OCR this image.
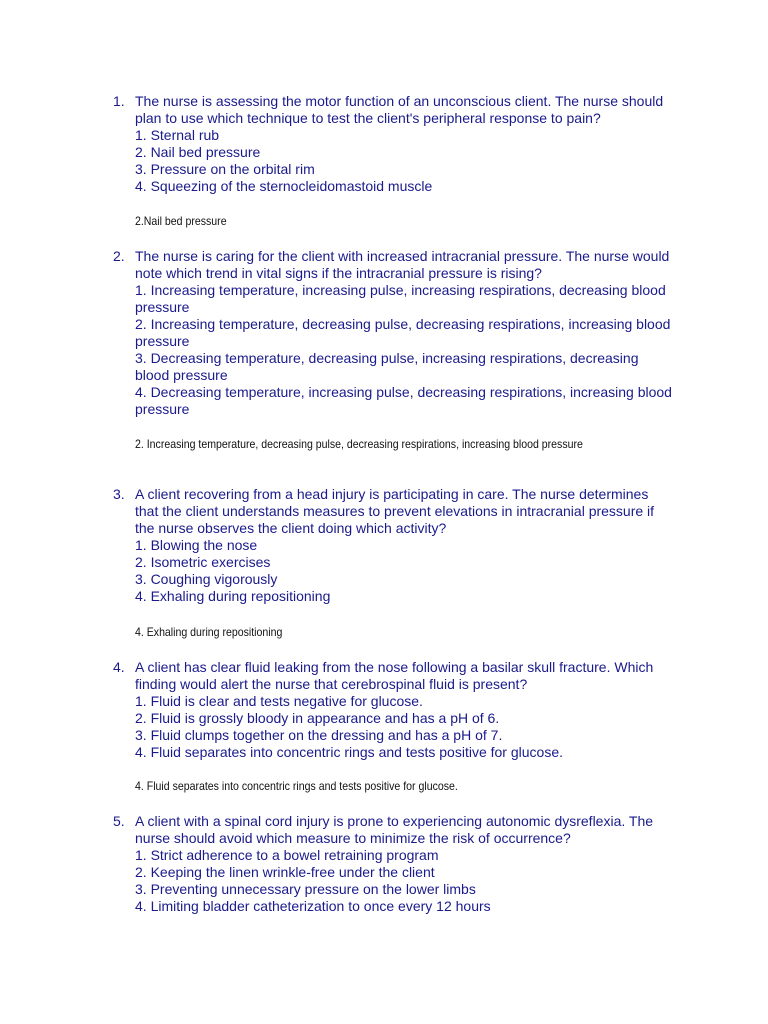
1. The nurse is assessing the motor function of an unconscious client. The nurse should plan to use which technique to test the client's peripheral response to pain?
1. Sternal rub
2. Nail bed pressure
3. Pressure on the orbital rim
4. Squeezing of the sternocleidomastoid muscle
2.Nail bed pressure
2. The nurse is caring for the client with increased intracranial pressure. The nurse would note which trend in vital signs if the intracranial pressure is rising?
1. Increasing temperature, increasing pulse, increasing respirations, decreasing blood pressure
2. Increasing temperature, decreasing pulse, decreasing respirations, increasing blood pressure
3. Decreasing temperature, decreasing pulse, increasing respirations, decreasing blood pressure
4. Decreasing temperature, increasing pulse, decreasing respirations, increasing blood pressure
2. Increasing temperature, decreasing pulse, decreasing respirations, increasing blood pressure
3. A client recovering from a head injury is participating in care. The nurse determines that the client understands measures to prevent elevations in intracranial pressure if the nurse observes the client doing which activity?
1. Blowing the nose
2. Isometric exercises
3. Coughing vigorously
4. Exhaling during repositioning
4. Exhaling during repositioning
4. A client has clear fluid leaking from the nose following a basilar skull fracture. Which finding would alert the nurse that cerebrospinal fluid is present?
1. Fluid is clear and tests negative for glucose.
2. Fluid is grossly bloody in appearance and has a pH of 6.
3. Fluid clumps together on the dressing and has a pH of 7.
4. Fluid separates into concentric rings and tests positive for glucose.
4. Fluid separates into concentric rings and tests positive for glucose.
5. A client with a spinal cord injury is prone to experiencing autonomic dysreflexia. The nurse should avoid which measure to minimize the risk of occurrence?
1. Strict adherence to a bowel retraining program
2. Keeping the linen wrinkle-free under the client
3. Preventing unnecessary pressure on the lower limbs
4. Limiting bladder catheterization to once every 12 hours
